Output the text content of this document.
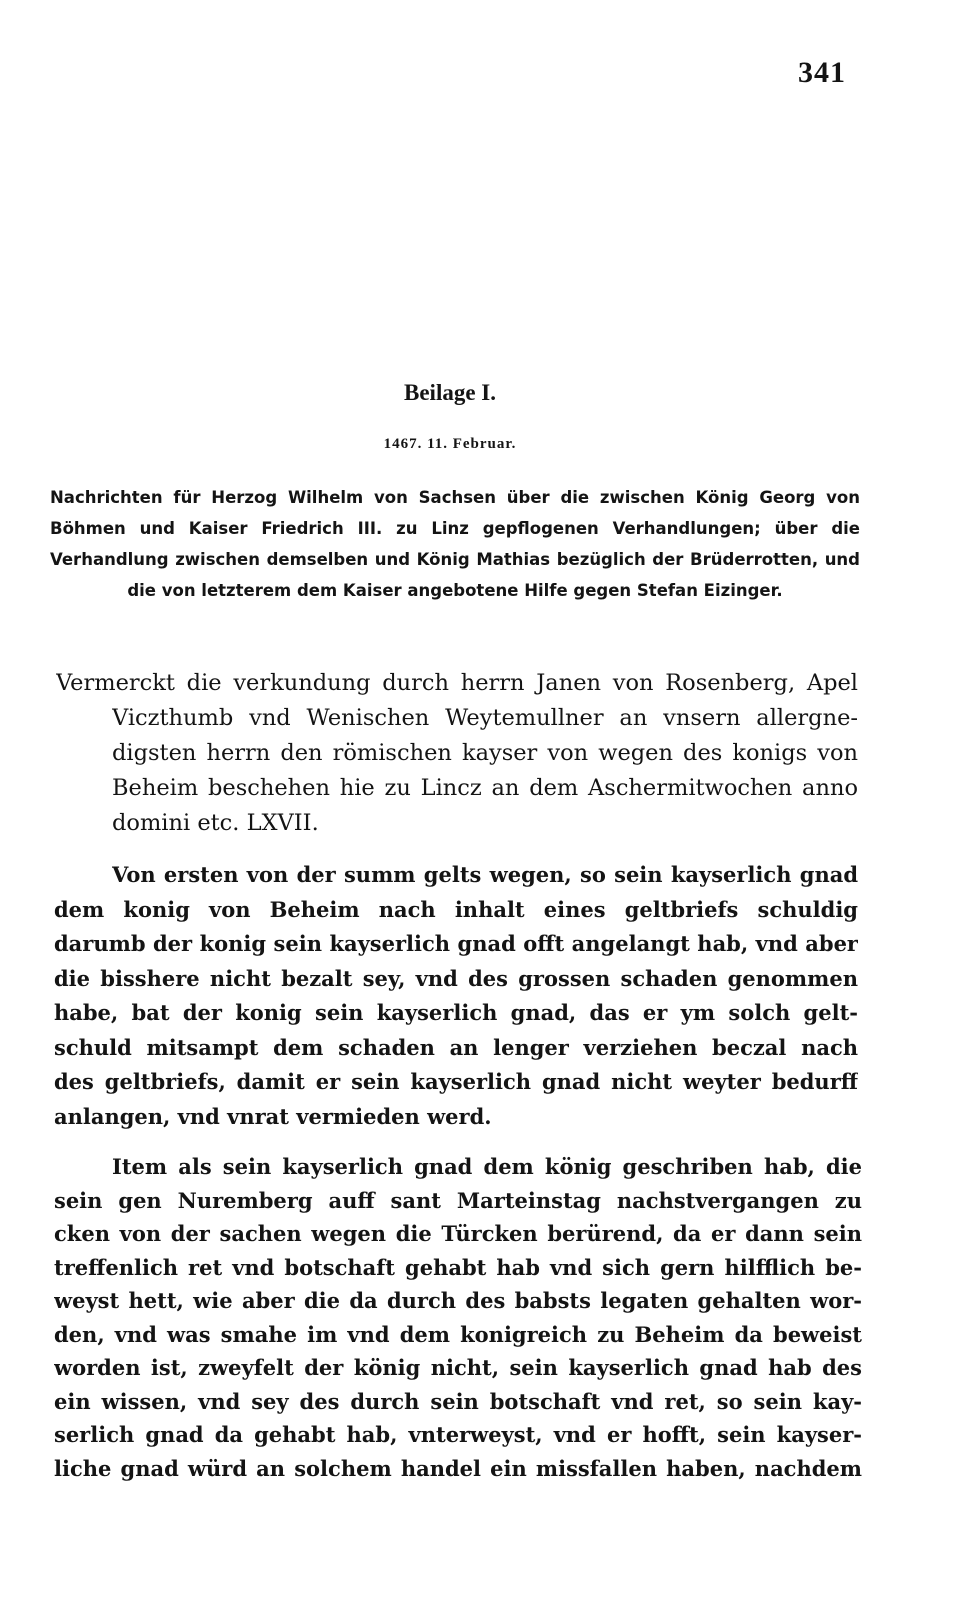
341
Beilage I.
1467. 11. Februar.
Nachrichten für Herzog Wilhelm von Sachsen über die zwischen König Georg von Böhmen und Kaiser Friedrich III. zu Linz gepflogenen Verhandlungen; über die Verhandlung zwischen demselben und König Mathias bezüglich der Brüderrotten, und die von letzterem dem Kaiser angebotene Hilfe gegen Stefan Eizinger.
Vermerckt die verkundung durch herrn Janen von Rosenberg, Apel
Viczthumb vnd Wenischen Weytemullner an vnsern allergne-
digsten herrn den römischen kayser von wegen des konigs von
Beheim beschehen hie zu Lincz an dem Aschermitwochen anno
domini etc. LXVII.
Von ersten von der summ gelts wegen, so sein kayserlich gnad
dem konig von Beheim nach inhalt eines geltbriefs schuldig
darumb der konig sein kayserlich gnad offt angelangt hab, vnd aber
die bisshere nicht bezalt sey, vnd des grossen schaden genommen
habe, bat der konig sein kayserlich gnad, das er ym solch gelt-
schuld mitsampt dem schaden an lenger verziehen beczal nach
des geltbriefs, damit er sein kayserlich gnad nicht weyter bedurff
anlangen, vnd vnrat vermieden werd.
Item als sein kayserlich gnad dem könig geschriben hab, die
sein gen Nuremberg auff sant Marteinstag nachstvergangen zu
cken von der sachen wegen die Türcken berürend, da er dann sein
treffenlich ret vnd botschaft gehabt hab vnd sich gern hilfflich be-
weyst hett, wie aber die da durch des babsts legaten gehalten wor-
den, vnd was smahe im vnd dem konigreich zu Beheim da beweist
worden ist, zweyfelt der könig nicht, sein kayserlich gnad hab des
ein wissen, vnd sey des durch sein botschaft vnd ret, so sein kay-
serlich gnad da gehabt hab, vnterweyst, vnd er hofft, sein kayser-
liche gnad würd an solchem handel ein missfallen haben, nachdem
